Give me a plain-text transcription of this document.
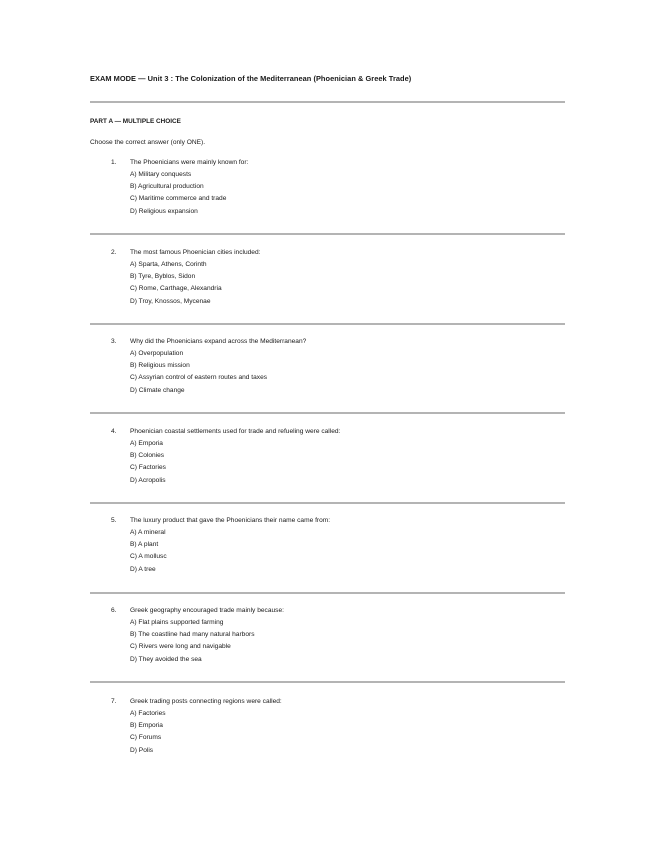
EXAM MODE — Unit 3 : The Colonization of the Mediterranean (Phoenician & Greek Trade)
PART A — MULTIPLE CHOICE
Choose the correct answer (only ONE).
1. The Phoenicians were mainly known for:
A) Military conquests
B) Agricultural production
C) Maritime commerce and trade
D) Religious expansion
2. The most famous Phoenician cities included:
A) Sparta, Athens, Corinth
B) Tyre, Byblos, Sidon
C) Rome, Carthage, Alexandria
D) Troy, Knossos, Mycenae
3. Why did the Phoenicians expand across the Mediterranean?
A) Overpopulation
B) Religious mission
C) Assyrian control of eastern routes and taxes
D) Climate change
4. Phoenician coastal settlements used for trade and refueling were called:
A) Emporia
B) Colonies
C) Factories
D) Acropolis
5. The luxury product that gave the Phoenicians their name came from:
A) A mineral
B) A plant
C) A mollusc
D) A tree
6. Greek geography encouraged trade mainly because:
A) Flat plains supported farming
B) The coastline had many natural harbors
C) Rivers were long and navigable
D) They avoided the sea
7. Greek trading posts connecting regions were called:
A) Factories
B) Emporia
C) Forums
D) Polis
